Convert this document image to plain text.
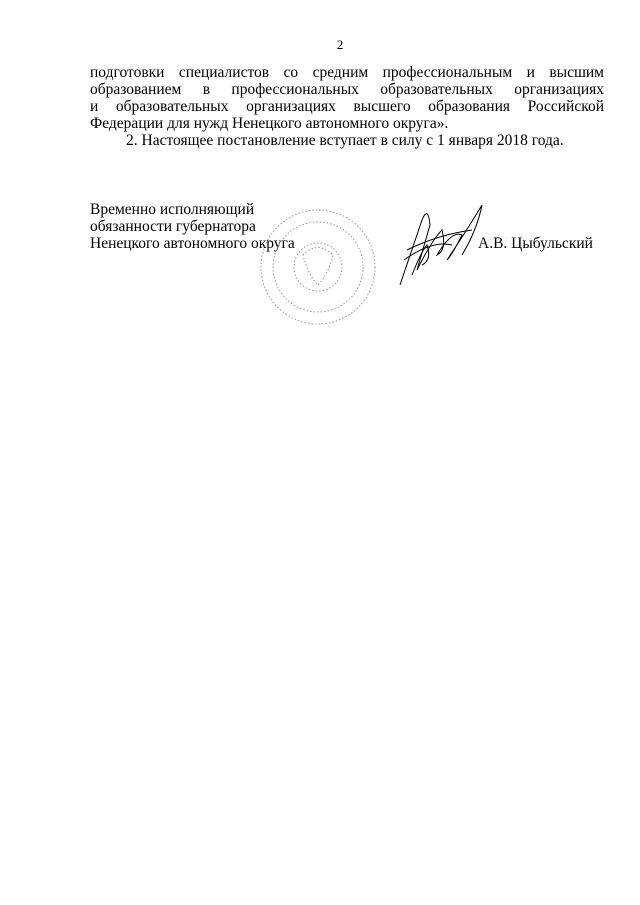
2
подготовки специалистов со средним профессиональным и высшим
образованием в профессиональных образовательных организациях
и образовательных организациях высшего образования Российской
Федерации для нужд Ненецкого автономного округа».
2. Настоящее постановление вступает в силу с 1 января 2018 года.
Временно исполняющий
обязанности губернатора
Ненецкого автономного округа	А.В. Цыбульский
